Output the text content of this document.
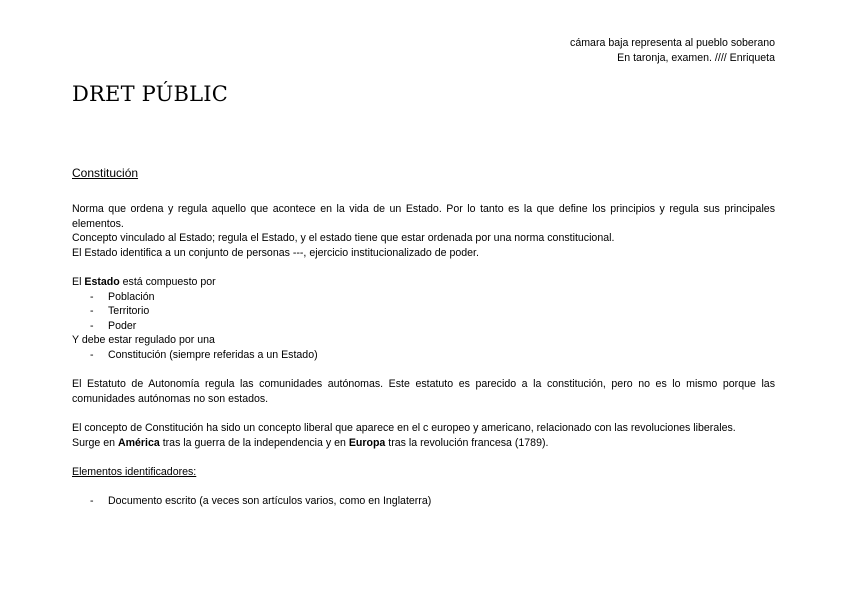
cámara baja representa al pueblo soberano
En taronja, examen. //// Enriqueta
DRET PÚBLIC
Constitución

Norma que ordena y regula aquello que acontece en la vida de un Estado. Por lo tanto es la que define los principios y regula sus principales elementos.

Concepto vinculado al Estado; regula el Estado, y el estado tiene que estar ordenada por una norma constitucional.

El Estado identifica a un conjunto de personas ---, ejercicio institucionalizado de poder.

El Estado está compuesto por

- Población
- Territorio
- Poder

Y debe estar regulado por una

- Constitución (siempre referidas a un Estado)

El Estatuto de Autonomía regula las comunidades autónomas. Este estatuto es parecido a la constitución, pero no es lo mismo porque las comunidades autónomas no son estados.

El concepto de Constitución ha sido un concepto liberal que aparece en el c europeo y americano, relacionado con las revoluciones liberales.

Surge en América tras la guerra de la independencia y en Europa tras la revolución francesa (1789).

Elementos identificadores:

- Documento escrito (a veces son artículos varios, como en Inglaterra)
